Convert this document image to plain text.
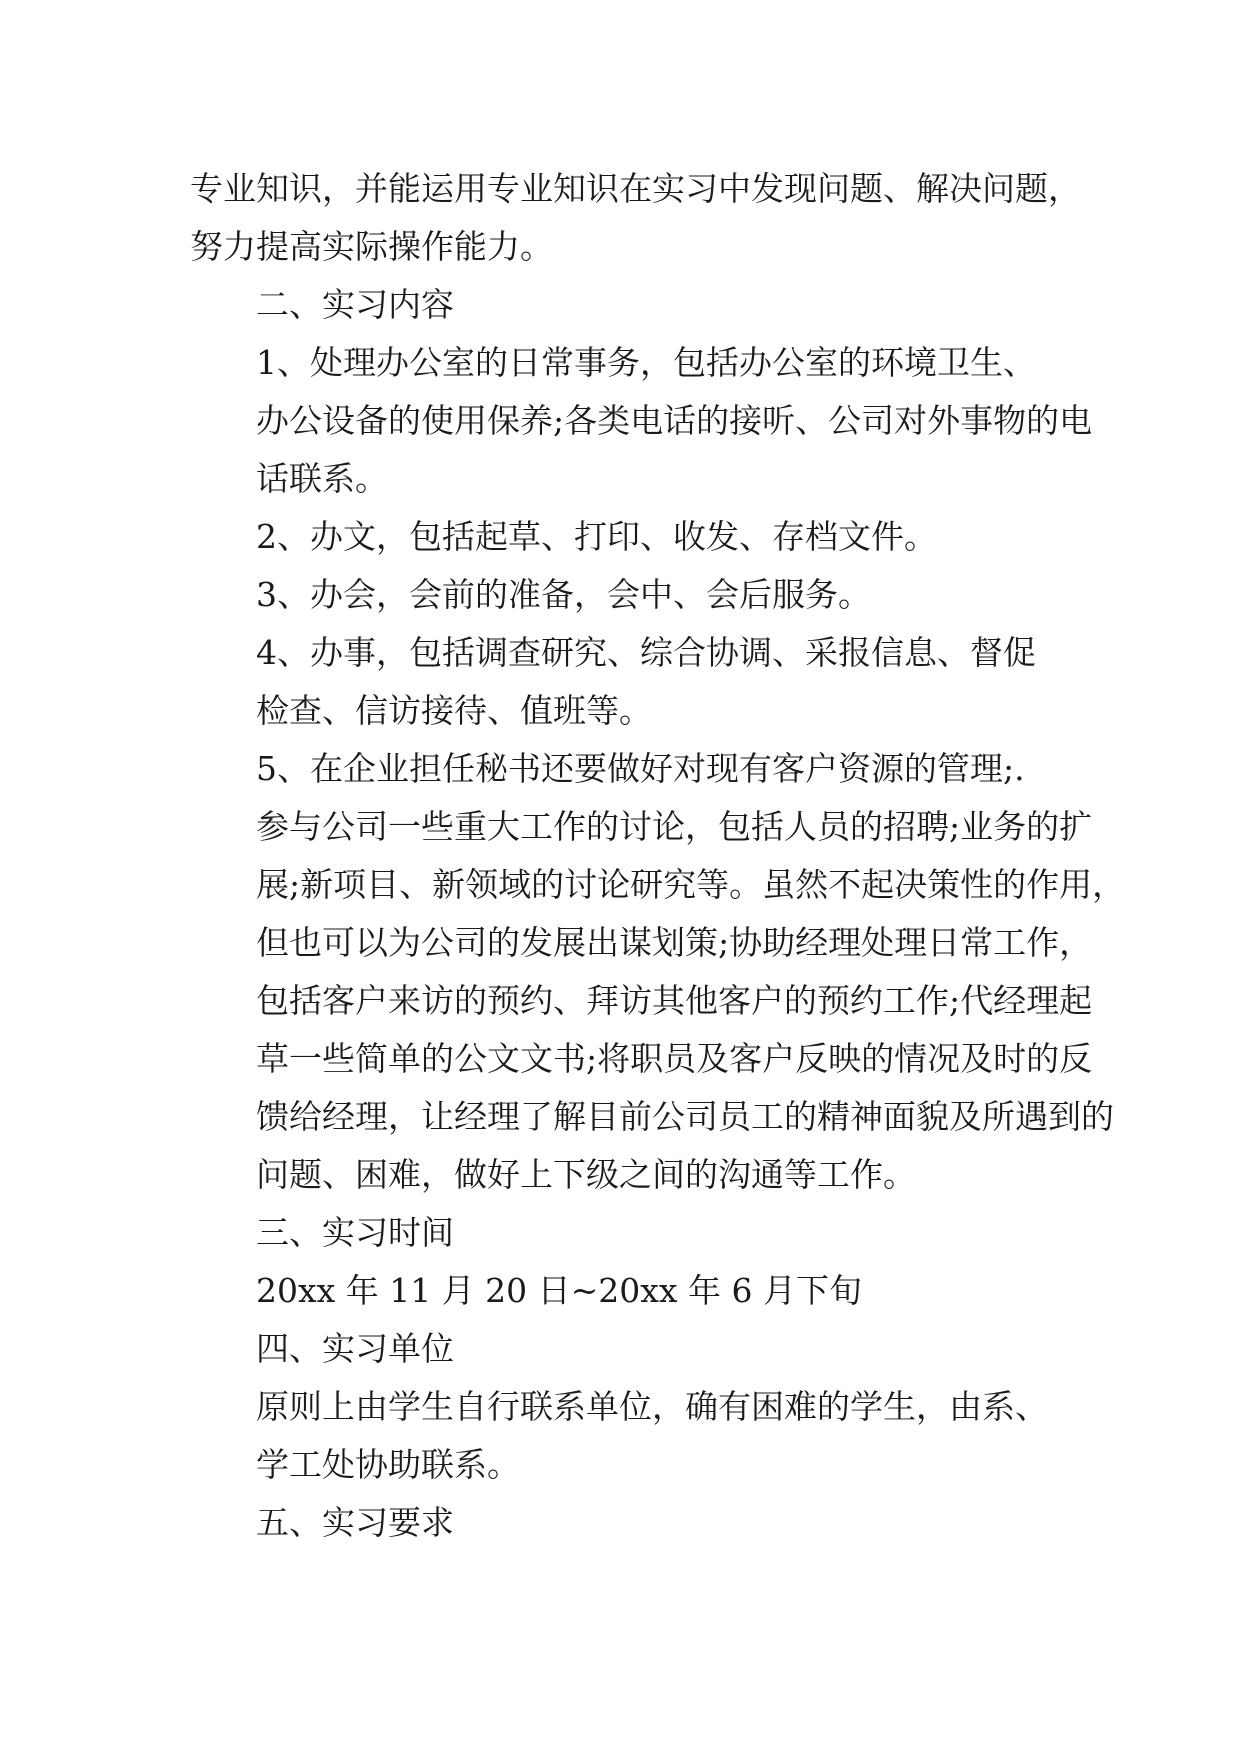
专业知识，并能运用专业知识在实习中发现问题、解决问题，
努力提高实际操作能力。

二、实习内容

1、处理办公室的日常事务，包括办公室的环境卫生、
办公设备的使用保养;各类电话的接听、公司对外事物的电
话联系。

2、办文，包括起草、打印、收发、存档文件。

3、办会，会前的准备，会中、会后服务。

4、办事，包括调查研究、综合协调、采报信息、督促
检查、信访接待、值班等。

5、在企业担任秘书还要做好对现有客户资源的管理;.
参与公司一些重大工作的讨论，包括人员的招聘;业务的扩
展;新项目、新领域的讨论研究等。虽然不起决策性的作用，
但也可以为公司的发展出谋划策;协助经理处理日常工作，
包括客户来访的预约、拜访其他客户的预约工作;代经理起
草一些简单的公文文书;将职员及客户反映的情况及时的反
馈给经理，让经理了解目前公司员工的精神面貌及所遇到的
问题、困难，做好上下级之间的沟通等工作。

三、实习时间

20xx 年 11 月 20 日~20xx 年 6 月下旬

四、实习单位

原则上由学生自行联系单位，确有困难的学生，由系、
学工处协助联系。

五、实习要求
